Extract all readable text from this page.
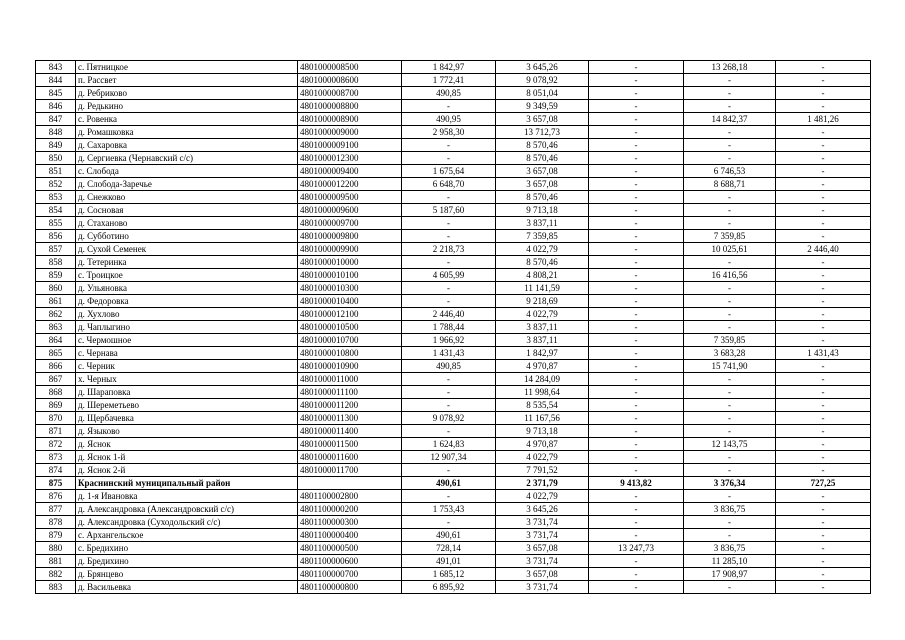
843	с. Пятницкое	4801000008500	1 842,97	3 645,26	-	13 268,18	-
844	п. Рассвет	4801000008600	1 772,41	9 078,92	-	-	-
845	д. Ребриково	4801000008700	490,85	8 051,04	-	-	-
846	д. Редькино	4801000008800	-	9 349,59	-	-	-
847	с. Ровенка	4801000008900	490,95	3 657,08	-	14 842,37	1 481,26
848	д. Ромашковка	4801000009000	2 958,30	13 712,73	-	-	-
849	д. Сахаровка	4801000009100	-	8 570,46	-	-	-
850	д. Сергиевка (Чернавский с/с)	4801000012300	-	8 570,46	-	-	-
851	с. Слобода	4801000009400	1 675,64	3 657,08	-	6 746,53	-
852	д. Слобода-Заречье	4801000012200	6 648,70	3 657,08	-	8 688,71	-
853	д. Снежково	4801000009500	-	8 570,46	-	-	-
854	д. Сосновая	4801000009600	5 187,60	9 713,18	-	-	-
855	д. Стаханово	4801000009700	-	3 837,11	-	-	-
856	д. Субботино	4801000009800	-	7 359,85	-	7 359,85	-
857	д. Сухой Семенек	4801000009900	2 218,73	4 022,79	-	10 025,61	2 446,40
858	д. Тетеринка	4801000010000	-	8 570,46	-	-	-
859	с. Троицкое	4801000010100	4 605,99	4 808,21	-	16 416,56	-
860	д. Ульяновка	4801000010300	-	11 141,59	-	-	-
861	д. Федоровка	4801000010400	-	9 218,69	-	-	-
862	д. Хухлово	4801000012100	2 446,40	4 022,79	-	-	-
863	д. Чаплыгино	4801000010500	1 788,44	3 837,11	-	-	-
864	с. Чермошное	4801000010700	1 966,92	3 837,11	-	7 359,85	-
865	с. Чернава	4801000010800	1 431,43	1 842,97	-	3 683,28	1 431,43
866	с. Черник	4801000010900	490,85	4 970,87	-	15 741,90	-
867	х. Черных	4801000011000	-	14 284,09	-	-	-
868	д. Шараповка	4801000011100	-	11 998,64	-	-	-
869	д. Шереметьево	4801000011200	-	8 535,54	-	-	-
870	д. Щербачевка	4801000011300	9 078,92	11 167,56	-	-	-
871	д. Языково	4801000011400	-	9 713,18	-	-	-
872	д. Яснок	4801000011500	1 624,83	4 970,87	-	12 143,75	-
873	д. Яснок 1-й	4801000011600	12 907,34	4 022,79	-	-	-
874	д. Яснок 2-й	4801000011700	-	7 791,52	-	-	-
875	Краснинский муниципальный район		490,61	2 371,79	9 413,82	3 376,34	727,25
876	д. 1-я Ивановка	4801100002800	-	4 022,79	-	-	-
877	д. Александровка (Александровский с/с)	4801100000200	1 753,43	3 645,26	-	3 836,75	-
878	д. Александровка (Суходольский с/с)	4801100000300	-	3 731,74	-	-	-
879	с. Архангельское	4801100000400	490,61	3 731,74	-	-	-
880	с. Бредихино	4801100000500	728,14	3 657,08	13 247,73	3 836,75	-
881	д. Бредихино	4801100000600	491,01	3 731,74	-	11 285,10	-
882	д. Брянцево	4801100000700	1 685,12	3 657,08	-	17 908,97	-
883	д. Васильевка	4801100000800	6 895,92	3 731,74	-	-	-
